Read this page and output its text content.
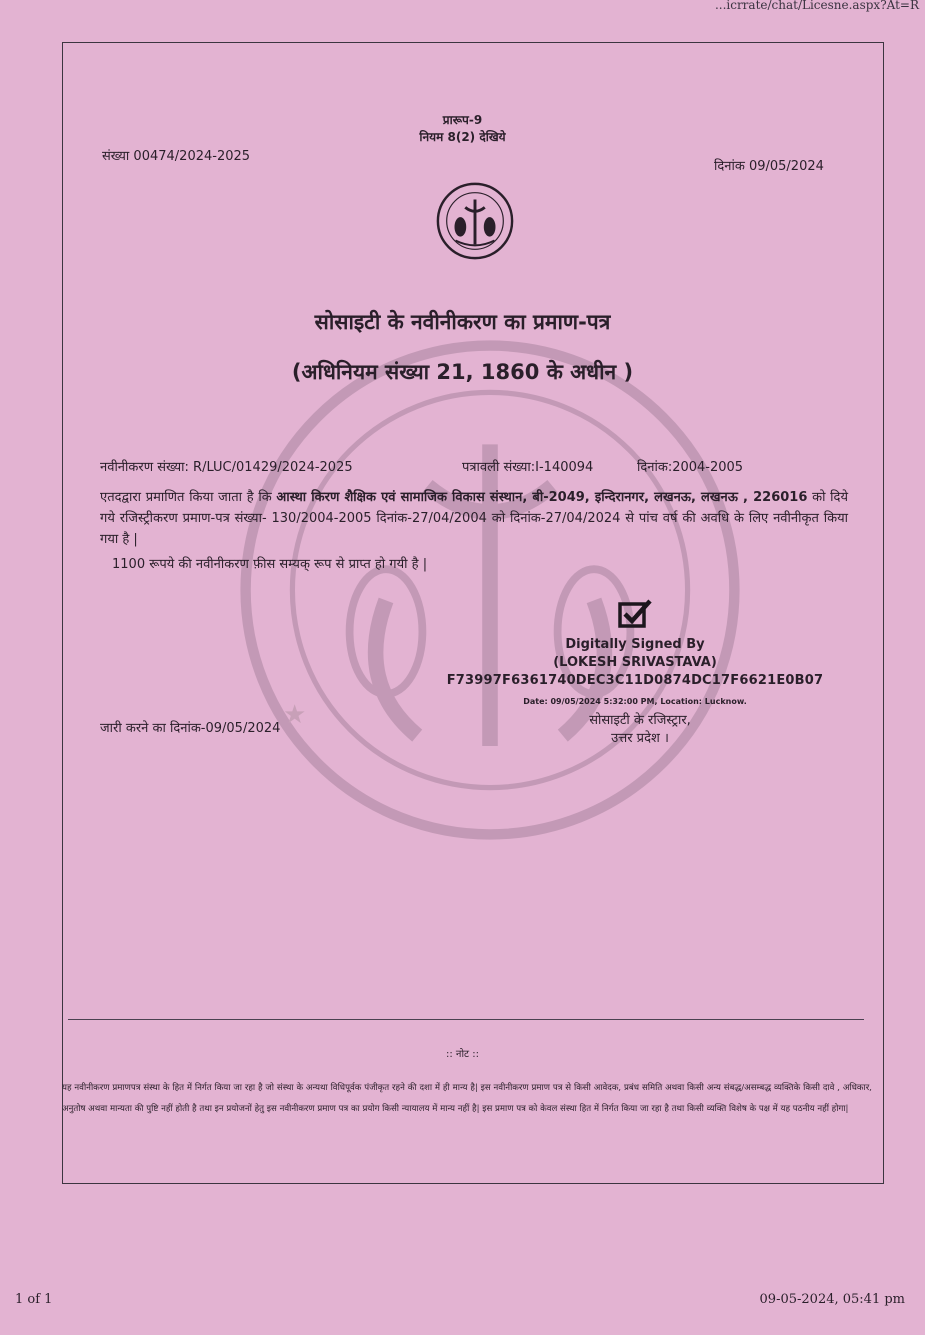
...icrrate/chat/Licesne.aspx?At=R
प्रारूप-9
नियम 8(2) देखिये
संख्या 00474/2024-2025
दिनांक 09/05/2024
सोसाइटी के नवीनीकरण का प्रमाण-पत्र
(अधिनियम संख्या 21, 1860 के अधीन )
नवीनीकरण संख्या: R/LUC/01429/2024-2025	पत्रावली संख्या:I-140094	दिनांक:2004-2005
एतदद्वारा प्रमाणित किया जाता है कि आस्था किरण शैक्षिक एवं सामाजिक विकास संस्थान, बी-2049, इन्दिरानगर, लखनऊ, लखनऊ , 226016 को दिये गये रजिस्ट्रीकरण प्रमाण-पत्र संख्या- 130/2004-2005 दिनांक-27/04/2004 को दिनांक-27/04/2024 से पांच वर्ष की अवधि के लिए नवीनीकृत किया गया है |
1100 रूपये की नवीनीकरण फ़ीस सम्यक् रूप से प्राप्त हो गयी है |
Digitally Signed By
(LOKESH SRIVASTAVA)
F73997F6361740DEC3C11D0874DC17F6621E0B07
Date: 09/05/2024 5:32:00 PM, Location: Lucknow.
सोसाइटी के रजिस्ट्रार,
उत्तर प्रदेश ।
जारी करने का दिनांक-09/05/2024 ★
:: नोट ::
यह नवीनीकरण प्रमाणपत्र संस्था के हित में निर्गत किया जा रहा है जो संस्था के अन्यथा विधिपूर्वक पंजीकृत रहने की दशा में ही मान्य है| इस नवीनीकरण प्रमाण पत्र से किसी आवेदक, प्रबंध समिति अथवा किसी अन्य संबद्ध/असम्बद्ध व्यक्तिके किसी दावे , अधिकार, अनुतोष अथवा मान्यता की पुष्टि नहीं होती है तथा इन प्रयोजनों हेतु इस नवीनीकरण प्रमाण पत्र का प्रयोग किसी न्यायालय में मान्य नहीं है| इस प्रमाण पत्र को केवल संस्था हित में निर्गत किया जा रहा है तथा किसी व्यक्ति विशेष के पक्ष में यह पठनीय नहीं होगा|
1 of 1	09-05-2024, 05:41 pm
